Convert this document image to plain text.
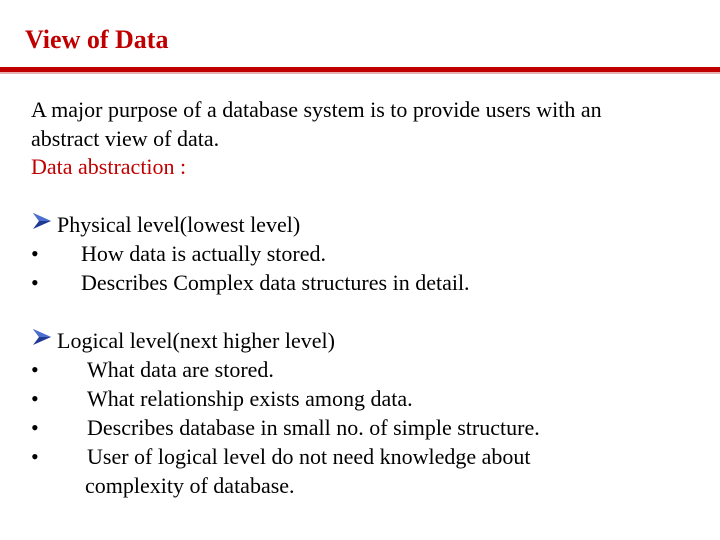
View of Data
A major purpose of a database system is to provide users with an
abstract view of data.
Data abstraction :
Physical level(lowest level)
• How data is actually stored.
• Describes Complex data structures in detail.
Logical level(next higher level)
• What data are stored.
• What relationship exists among data.
• Describes database in small no. of simple structure.
• User of logical level do not need knowledge about
complexity of database.
